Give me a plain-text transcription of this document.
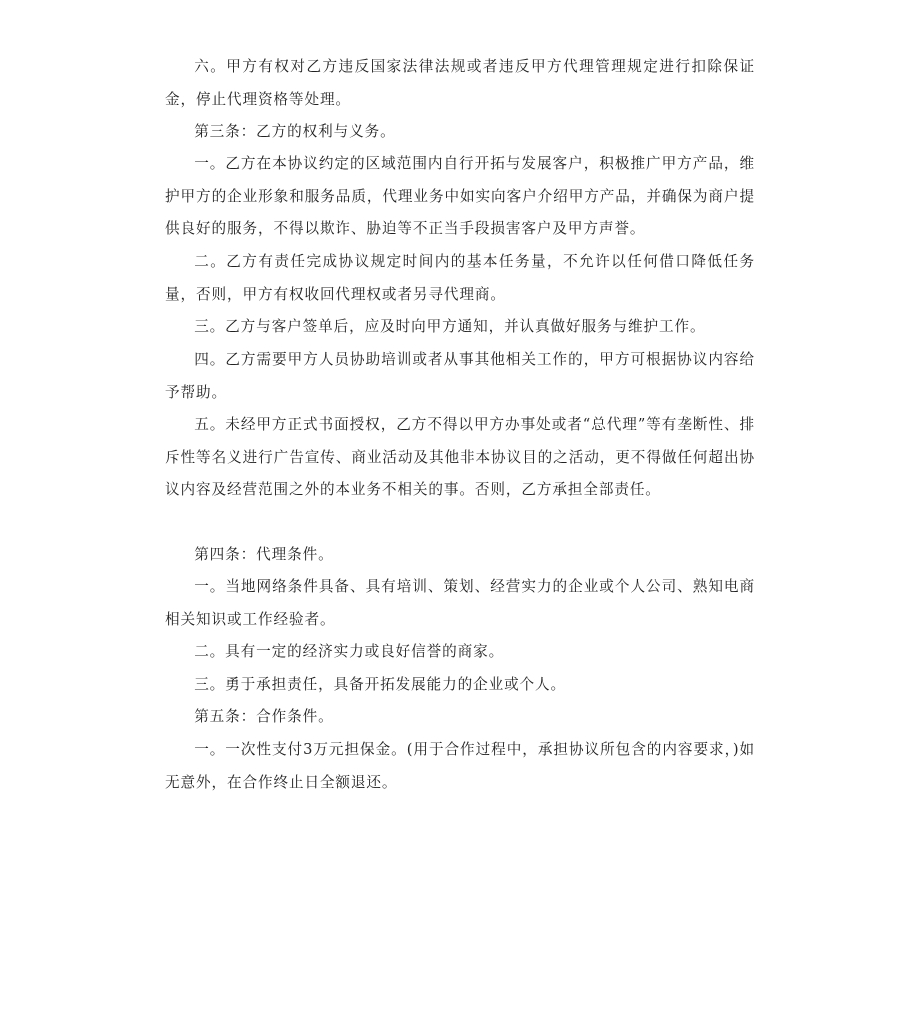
六。甲方有权对乙方违反国家法律法规或者违反甲方代理管理规定进行扣除保证金，停止代理资格等处理。

第三条：乙方的权利与义务。

一。乙方在本协议约定的区域范围内自行开拓与发展客户，积极推广甲方产品，维护甲方的企业形象和服务品质，代理业务中如实向客户介绍甲方产品，并确保为商户提供良好的服务，不得以欺诈、胁迫等不正当手段损害客户及甲方声誉。

二。乙方有责任完成协议规定时间内的基本任务量，不允许以任何借口降低任务量，否则，甲方有权收回代理权或者另寻代理商。

三。乙方与客户签单后，应及时向甲方通知，并认真做好服务与维护工作。

四。乙方需要甲方人员协助培训或者从事其他相关工作的，甲方可根据协议内容给予帮助。

五。未经甲方正式书面授权，乙方不得以甲方办事处或者“总代理”等有垄断性、排斥性等名义进行广告宣传、商业活动及其他非本协议目的之活动，更不得做任何超出协议内容及经营范围之外的本业务不相关的事。否则，乙方承担全部责任。

第四条：代理条件。

一。当地网络条件具备、具有培训、策划、经营实力的企业或个人公司、熟知电商相关知识或工作经验者。

二。具有一定的经济实力或良好信誉的商家。

三。勇于承担责任，具备开拓发展能力的企业或个人。

第五条：合作条件。

一。一次性支付3万元担保金。(用于合作过程中，承担协议所包含的内容要求，)如无意外，在合作终止日全额退还。
